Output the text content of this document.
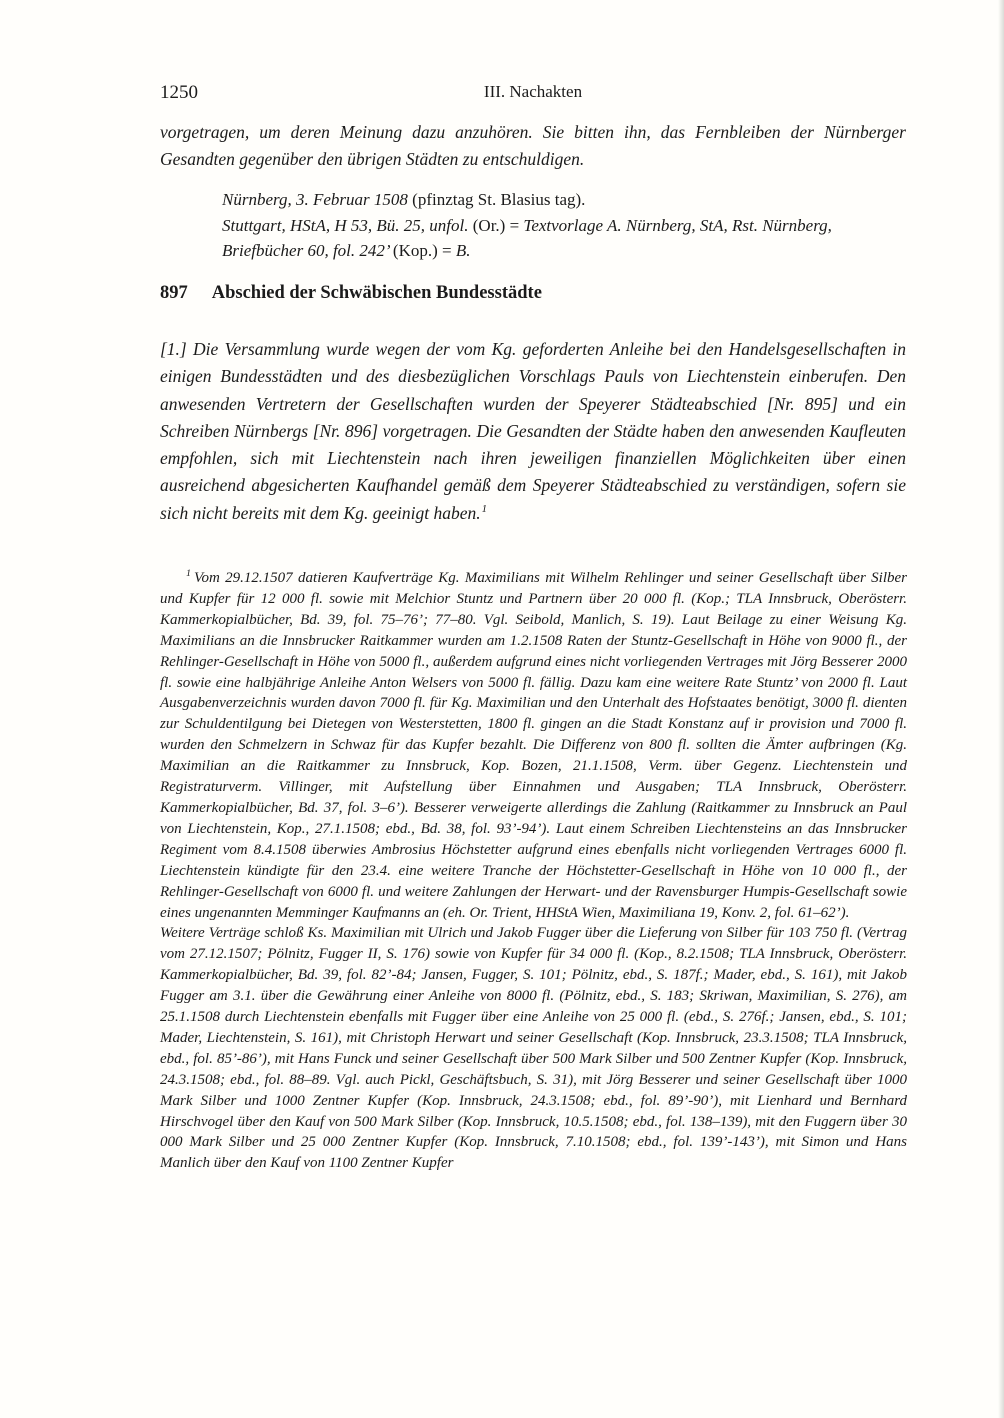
1250	III. Nachakten

vorgetragen, um deren Meinung dazu anzuhören. Sie bitten ihn, das Fernbleiben der Nürnberger Gesandten gegenüber den übrigen Städten zu entschuldigen.

Nürnberg, 3. Februar 1508 (pfinztag St. Blasius tag).

Stuttgart, HStA, H 53, Bü. 25, unfol. (Or.) = Textvorlage A. Nürnberg, StA, Rst. Nürnberg, Briefbücher 60, fol. 242’ (Kop.) = B.

897 Abschied der Schwäbischen Bundesstädte

[1.] Die Versammlung wurde wegen der vom Kg. geforderten Anleihe bei den Handelsgesellschaften in einigen Bundesstädten und des diesbezüglichen Vorschlags Pauls von Liechtenstein einberufen. Den anwesenden Vertretern der Gesellschaften wurden der Speyerer Städteabschied [Nr. 895] und ein Schreiben Nürnbergs [Nr. 896] vorgetragen. Die Gesandten der Städte haben den anwesenden Kaufleuten empfohlen, sich mit Liechtenstein nach ihren jeweiligen finanziellen Möglichkeiten über einen ausreichend abgesicherten Kaufhandel gemäß dem Speyerer Städteabschied zu verständigen, sofern sie sich nicht bereits mit dem Kg. geeinigt haben.$^1$

$^1$ Vom 29.12.1507 datieren Kaufverträge Kg. Maximilians mit Wilhelm Rehlinger und seiner Gesellschaft über Silber und Kupfer für 12 000 fl. sowie mit Melchior Stuntz und Partnern über 20 000 fl. (Kop.; TLA Innsbruck, Oberösterr. Kammerkopialbücher, Bd. 39, fol. 75–76’; 77–80. Vgl. Seibold, Manlich, S. 19). Laut Beilage zu einer Weisung Kg. Maximilians an die Innsbrucker Raitkammer wurden am 1.2.1508 Raten der Stuntz-Gesellschaft in Höhe von 9000 fl., der Rehlinger-Gesellschaft in Höhe von 5000 fl., außerdem aufgrund eines nicht vorliegenden Vertrages mit Jörg Besserer 2000 fl. sowie eine halbjährige Anleihe Anton Welsers von 5000 fl. fällig. Dazu kam eine weitere Rate Stuntz’ von 2000 fl. Laut Ausgabenverzeichnis wurden davon 7000 fl. für Kg. Maximilian und den Unterhalt des Hofstaates benötigt, 3000 fl. dienten zur Schuldentilgung bei Dietegen von Westerstetten, 1800 fl. gingen an die Stadt Konstanz auf ir provision und 7000 fl. wurden den Schmelzern in Schwaz für das Kupfer bezahlt. Die Differenz von 800 fl. sollten die Ämter aufbringen (Kg. Maximilian an die Raitkammer zu Innsbruck, Kop. Bozen, 21.1.1508, Verm. über Gegenz. Liechtenstein und Registraturverm. Villinger, mit Aufstellung über Einnahmen und Ausgaben; TLA Innsbruck, Oberösterr. Kammerkopialbücher, Bd. 37, fol. 3–6’). Besserer verweigerte allerdings die Zahlung (Raitkammer zu Innsbruck an Paul von Liechtenstein, Kop., 27.1.1508; ebd., Bd. 38, fol. 93’-94’). Laut einem Schreiben Liechtensteins an das Innsbrucker Regiment vom 8.4.1508 überwies Ambrosius Höchstetter aufgrund eines ebenfalls nicht vorliegenden Vertrages 6000 fl. Liechtenstein kündigte für den 23.4. eine weitere Tranche der Höchstetter-Gesellschaft in Höhe von 10 000 fl., der Rehlinger-Gesellschaft von 6000 fl. und weitere Zahlungen der Herwart- und der Ravensburger Humpis-Gesellschaft sowie eines ungenannten Memminger Kaufmanns an (eh. Or. Trient, HHStA Wien, Maximiliana 19, Konv. 2, fol. 61–62’).

Weitere Verträge schloß Ks. Maximilian mit Ulrich und Jakob Fugger über die Lieferung von Silber für 103 750 fl. (Vertrag vom 27.12.1507; Pölnitz, Fugger II, S. 176) sowie von Kupfer für 34 000 fl. (Kop., 8.2.1508; TLA Innsbruck, Oberösterr. Kammerkopialbücher, Bd. 39, fol. 82’-84; Jansen, Fugger, S. 101; Pölnitz, ebd., S. 187f.; Mader, ebd., S. 161), mit Jakob Fugger am 3.1. über die Gewährung einer Anleihe von 8000 fl. (Pölnitz, ebd., S. 183; Skriwan, Maximilian, S. 276), am 25.1.1508 durch Liechtenstein ebenfalls mit Fugger über eine Anleihe von 25 000 fl. (ebd., S. 276f.; Jansen, ebd., S. 101; Mader, Liechtenstein, S. 161), mit Christoph Herwart und seiner Gesellschaft (Kop. Innsbruck, 23.3.1508; TLA Innsbruck, ebd., fol. 85’-86’), mit Hans Funck und seiner Gesellschaft über 500 Mark Silber und 500 Zentner Kupfer (Kop. Innsbruck, 24.3.1508; ebd., fol. 88–89. Vgl. auch Pickl, Geschäftsbuch, S. 31), mit Jörg Besserer und seiner Gesellschaft über 1000 Mark Silber und 1000 Zentner Kupfer (Kop. Innsbruck, 24.3.1508; ebd., fol. 89’-90’), mit Lienhard und Bernhard Hirschvogel über den Kauf von 500 Mark Silber (Kop. Innsbruck, 10.5.1508; ebd., fol. 138–139), mit den Fuggern über 30 000 Mark Silber und 25 000 Zentner Kupfer (Kop. Innsbruck, 7.10.1508; ebd., fol. 139’-143’), mit Simon und Hans Manlich über den Kauf von 1100 Zentner Kupfer
